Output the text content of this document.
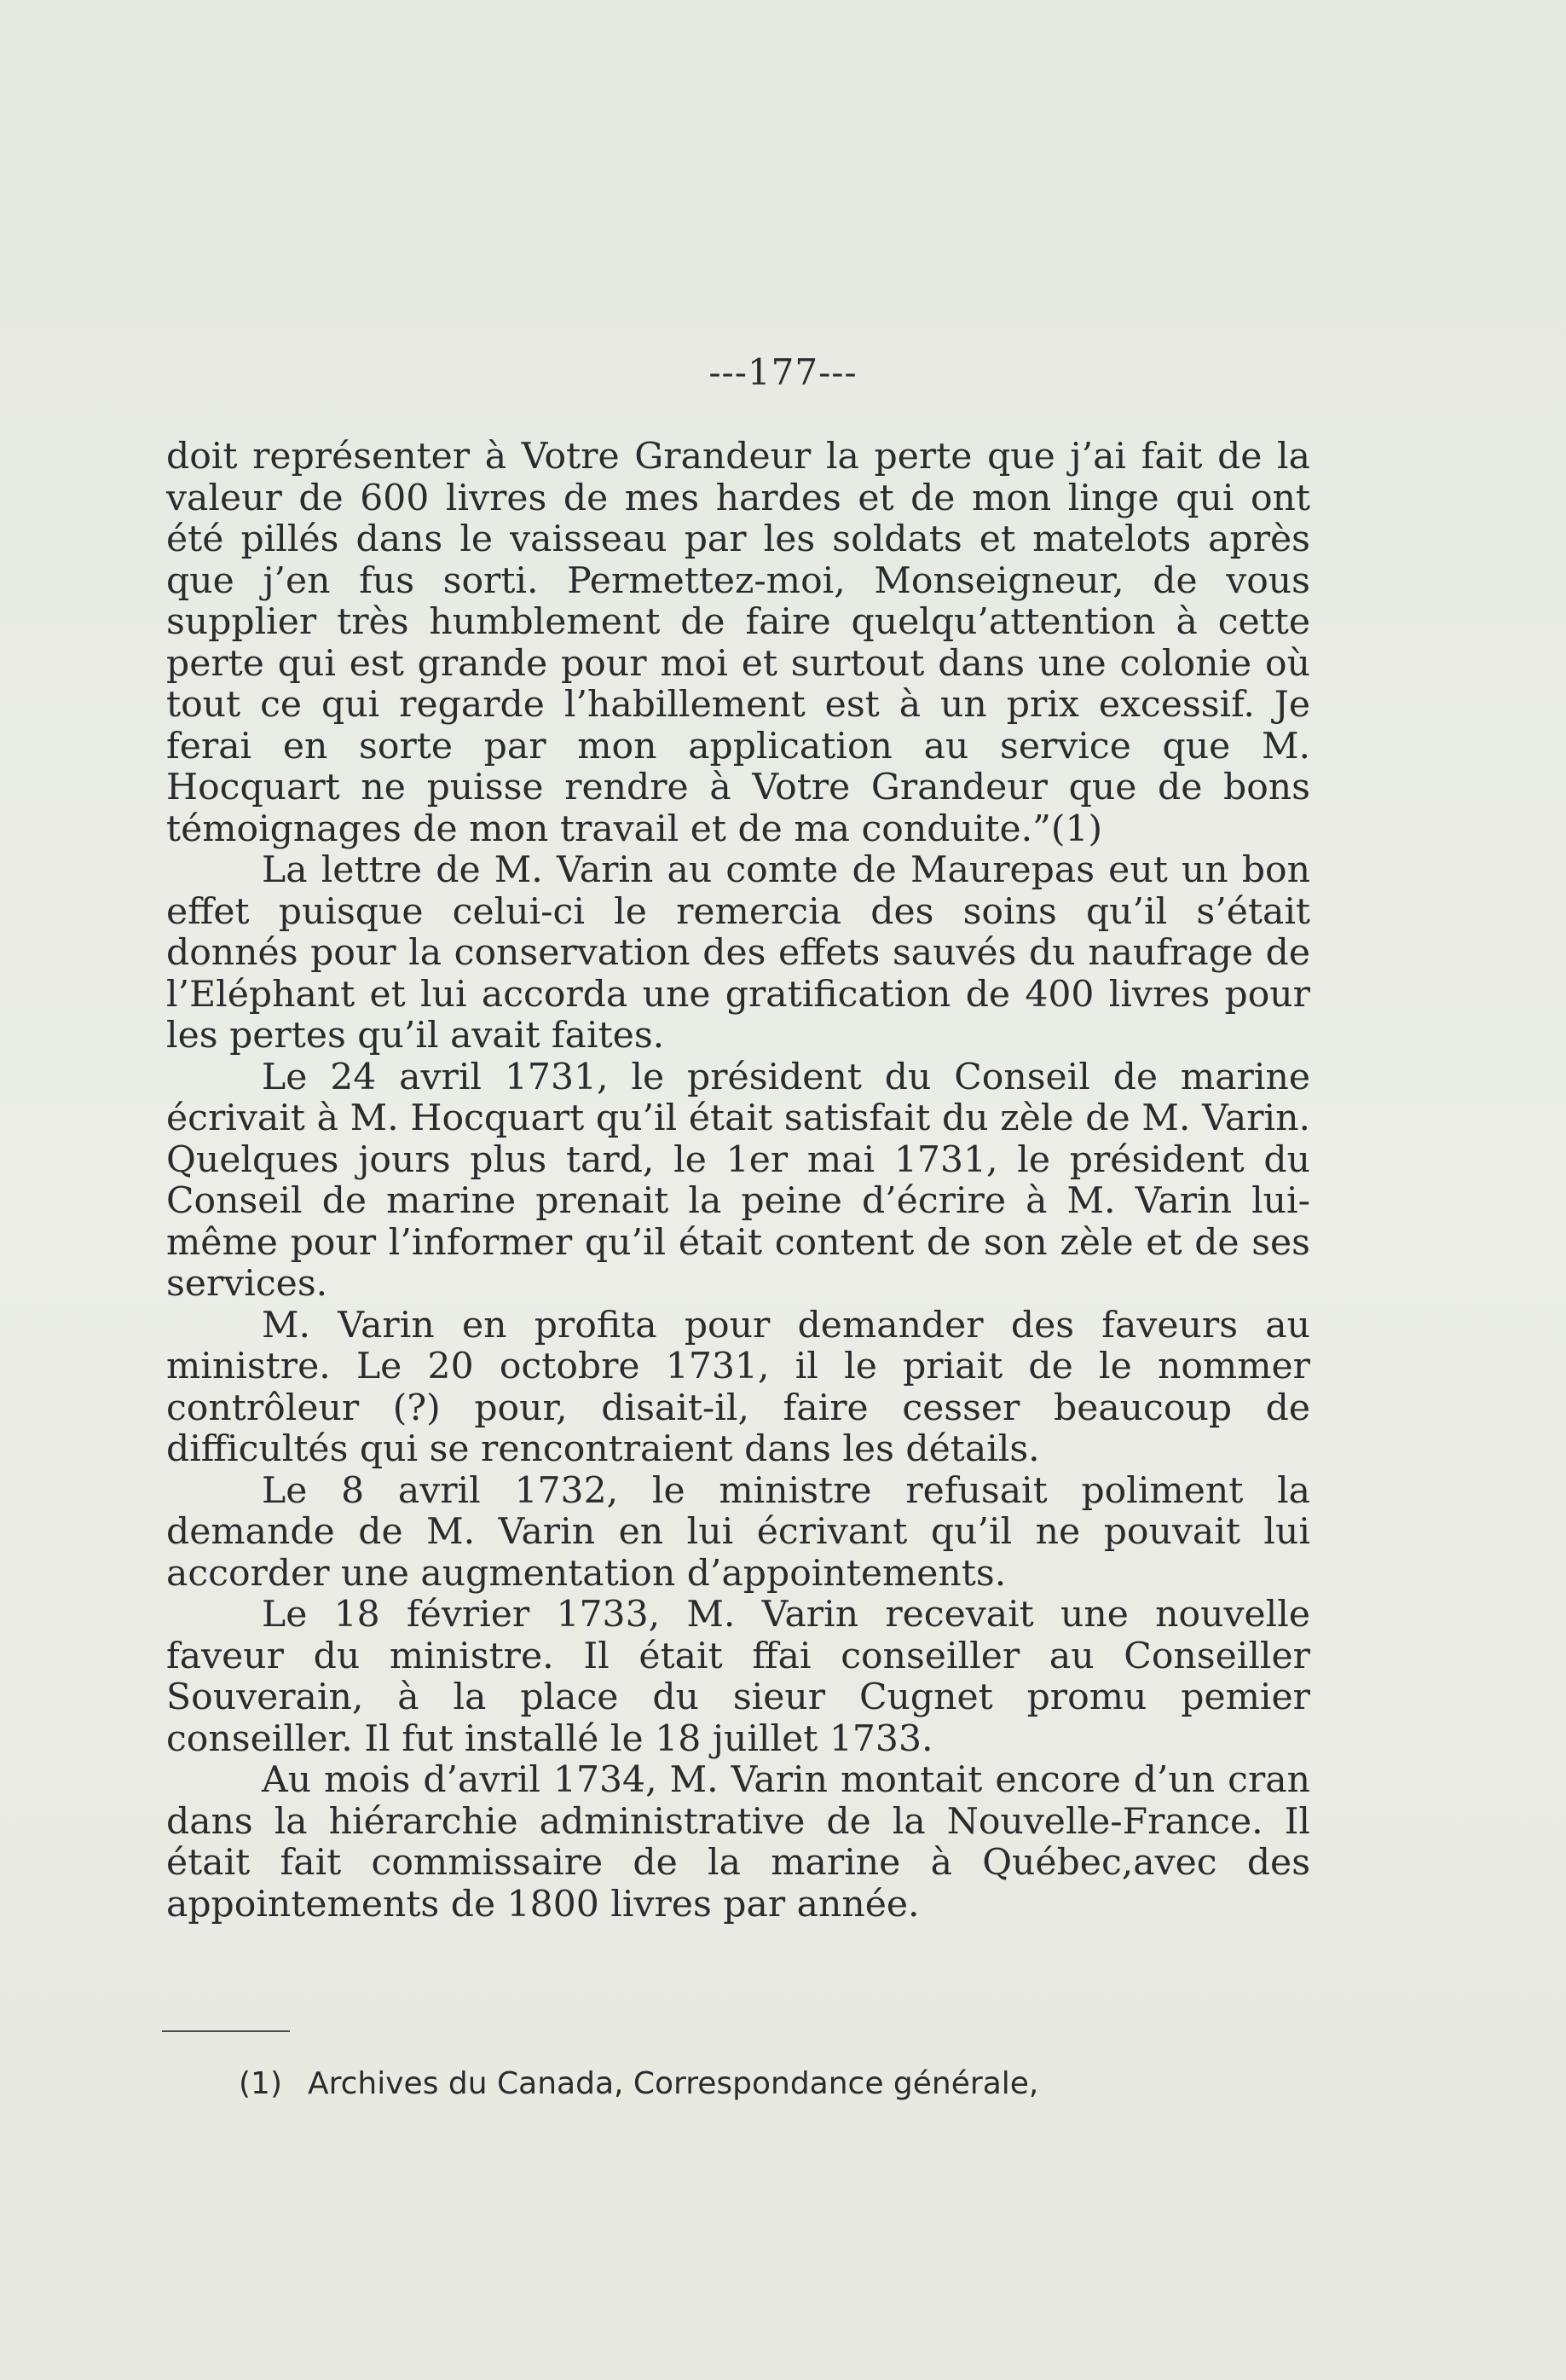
---177---

doit représenter à Votre Grandeur la perte que j’ai fait de la valeur de 600 livres de mes hardes et de mon linge qui ont été pillés dans le vaisseau par les soldats et matelots après que j’en fus sorti. Permettez-moi, Monseigneur, de vous supplier très humblement de faire quelqu’attention à cette perte qui est grande pour moi et surtout dans une colonie où tout ce qui regarde l’habillement est à un prix excessif. Je ferai en sorte par mon application au service que M. Hocquart ne puisse rendre à Votre Grandeur que de bons témoignages de mon travail et de ma conduite.”(1)

La lettre de M. Varin au comte de Maurepas eut un bon effet puisque celui-ci le remercia des soins qu’il s’était donnés pour la conservation des effets sauvés du naufrage de l’Eléphant et lui accorda une gratification de 400 livres pour les pertes qu’il avait faites.

Le 24 avril 1731, le président du Conseil de marine écrivait à M. Hocquart qu’il était satisfait du zèle de M. Varin. Quelques jours plus tard, le 1er mai 1731, le président du Conseil de marine prenait la peine d’écrire à M. Varin lui-même pour l’informer qu’il était content de son zèle et de ses services.

M. Varin en profita pour demander des faveurs au ministre. Le 20 octobre 1731, il le priait de le nommer contrôleur (?) pour, disait-il, faire cesser beaucoup de difficultés qui se rencontraient dans les détails.

Le 8 avril 1732, le ministre refusait poliment la demande de M. Varin en lui écrivant qu’il ne pouvait lui accorder une augmentation d’appointements.

Le 18 février 1733, M. Varin recevait une nouvelle faveur du ministre. Il était ffai conseiller au Conseiller Souverain, à la place du sieur Cugnet promu pemier conseiller. Il fut installé le 18 juillet 1733.

Au mois d’avril 1734, M. Varin montait encore d’un cran dans la hiérarchie administrative de la Nouvelle-France. Il était fait commissaire de la marine à Québec,avec des appointements de 1800 livres par année.

(1) Archives du Canada, Correspondance générale,
